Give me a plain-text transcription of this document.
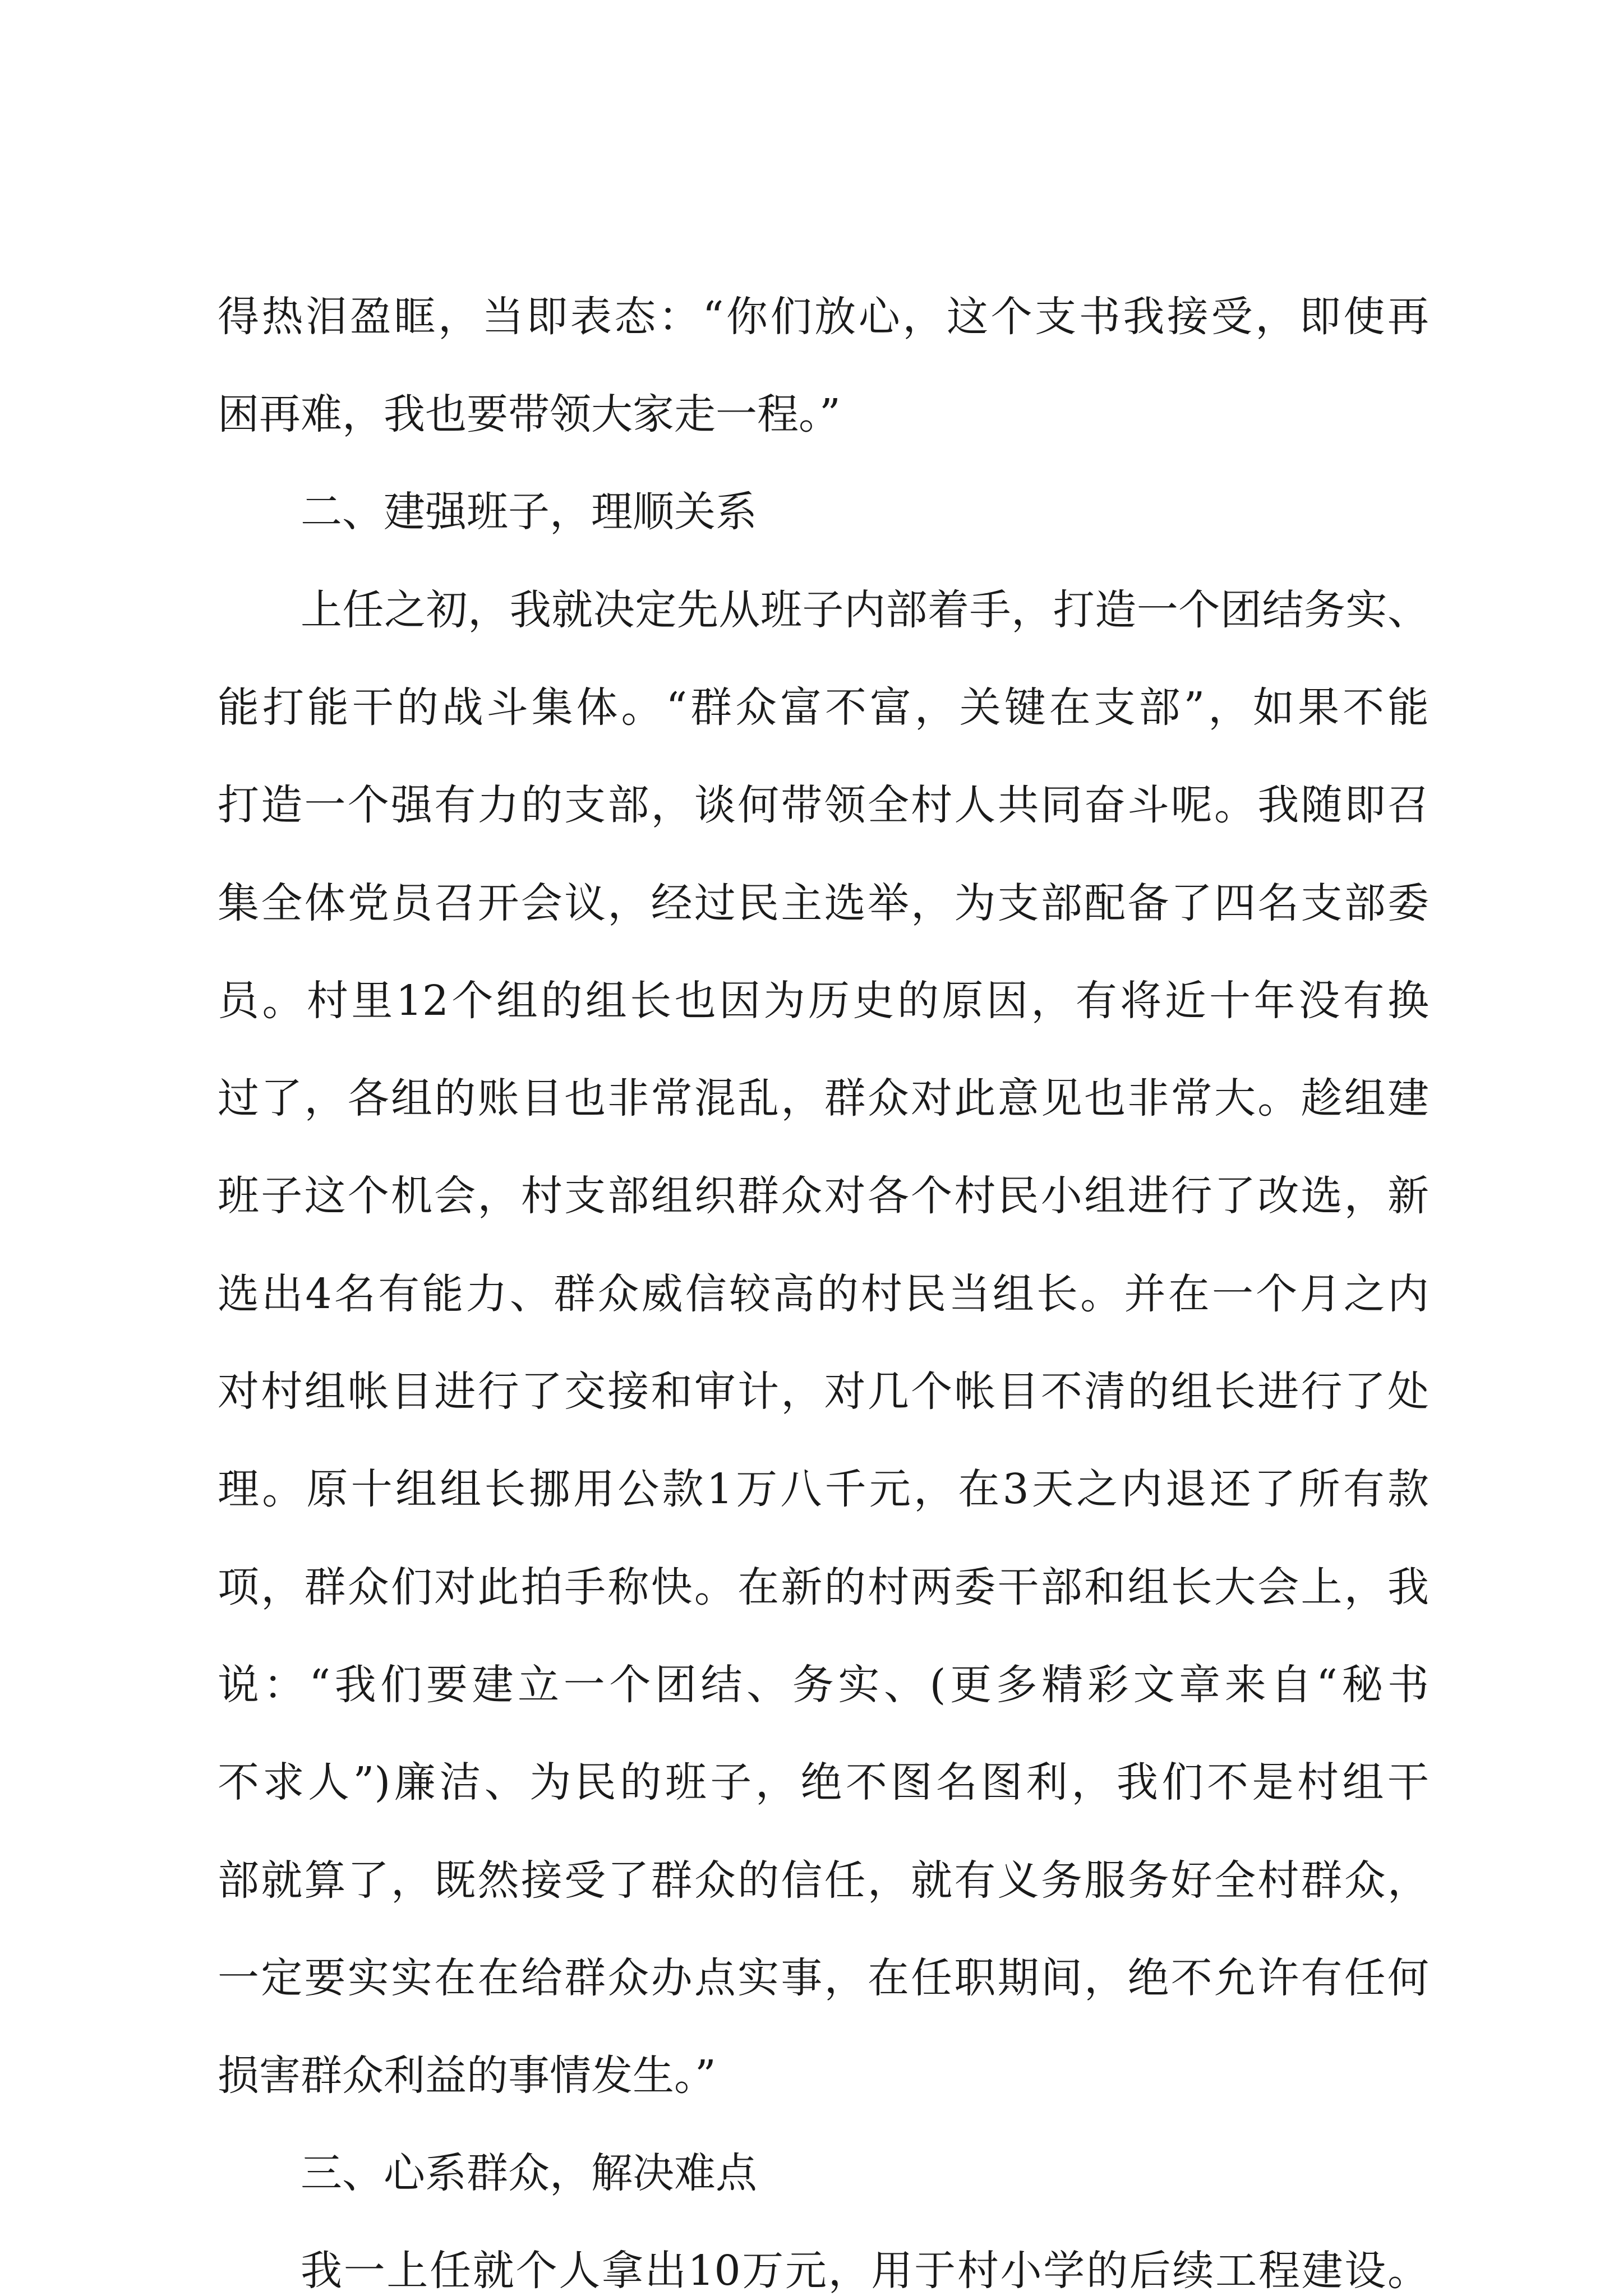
得热泪盈眶，当即表态：“你们放心，这个支书我接受，即使再
困再难，我也要带领大家走一程。”
二、建强班子，理顺关系
上任之初，我就决定先从班子内部着手，打造一个团结务实、
能打能干的战斗集体。“群众富不富，关键在支部”，如果不能
打造一个强有力的支部，谈何带领全村人共同奋斗呢。我随即召
集全体党员召开会议，经过民主选举，为支部配备了四名支部委
员。村里12个组的组长也因为历史的原因，有将近十年没有换
过了，各组的账目也非常混乱，群众对此意见也非常大。趁组建
班子这个机会，村支部组织群众对各个村民小组进行了改选，新
选出4名有能力、群众威信较高的村民当组长。并在一个月之内
对村组帐目进行了交接和审计，对几个帐目不清的组长进行了处
理。原十组组长挪用公款1万八千元，在3天之内退还了所有款
项，群众们对此拍手称快。在新的村两委干部和组长大会上，我
说：“我们要建立一个团结、务实、(更多精彩文章来自“秘书
不求人”)廉洁、为民的班子，绝不图名图利，我们不是村组干
部就算了，既然接受了群众的信任，就有义务服务好全村群众，
一定要实实在在给群众办点实事，在任职期间，绝不允许有任何
损害群众利益的事情发生。”
三、心系群众，解决难点
我一上任就个人拿出10万元，用于村小学的后续工程建设。
